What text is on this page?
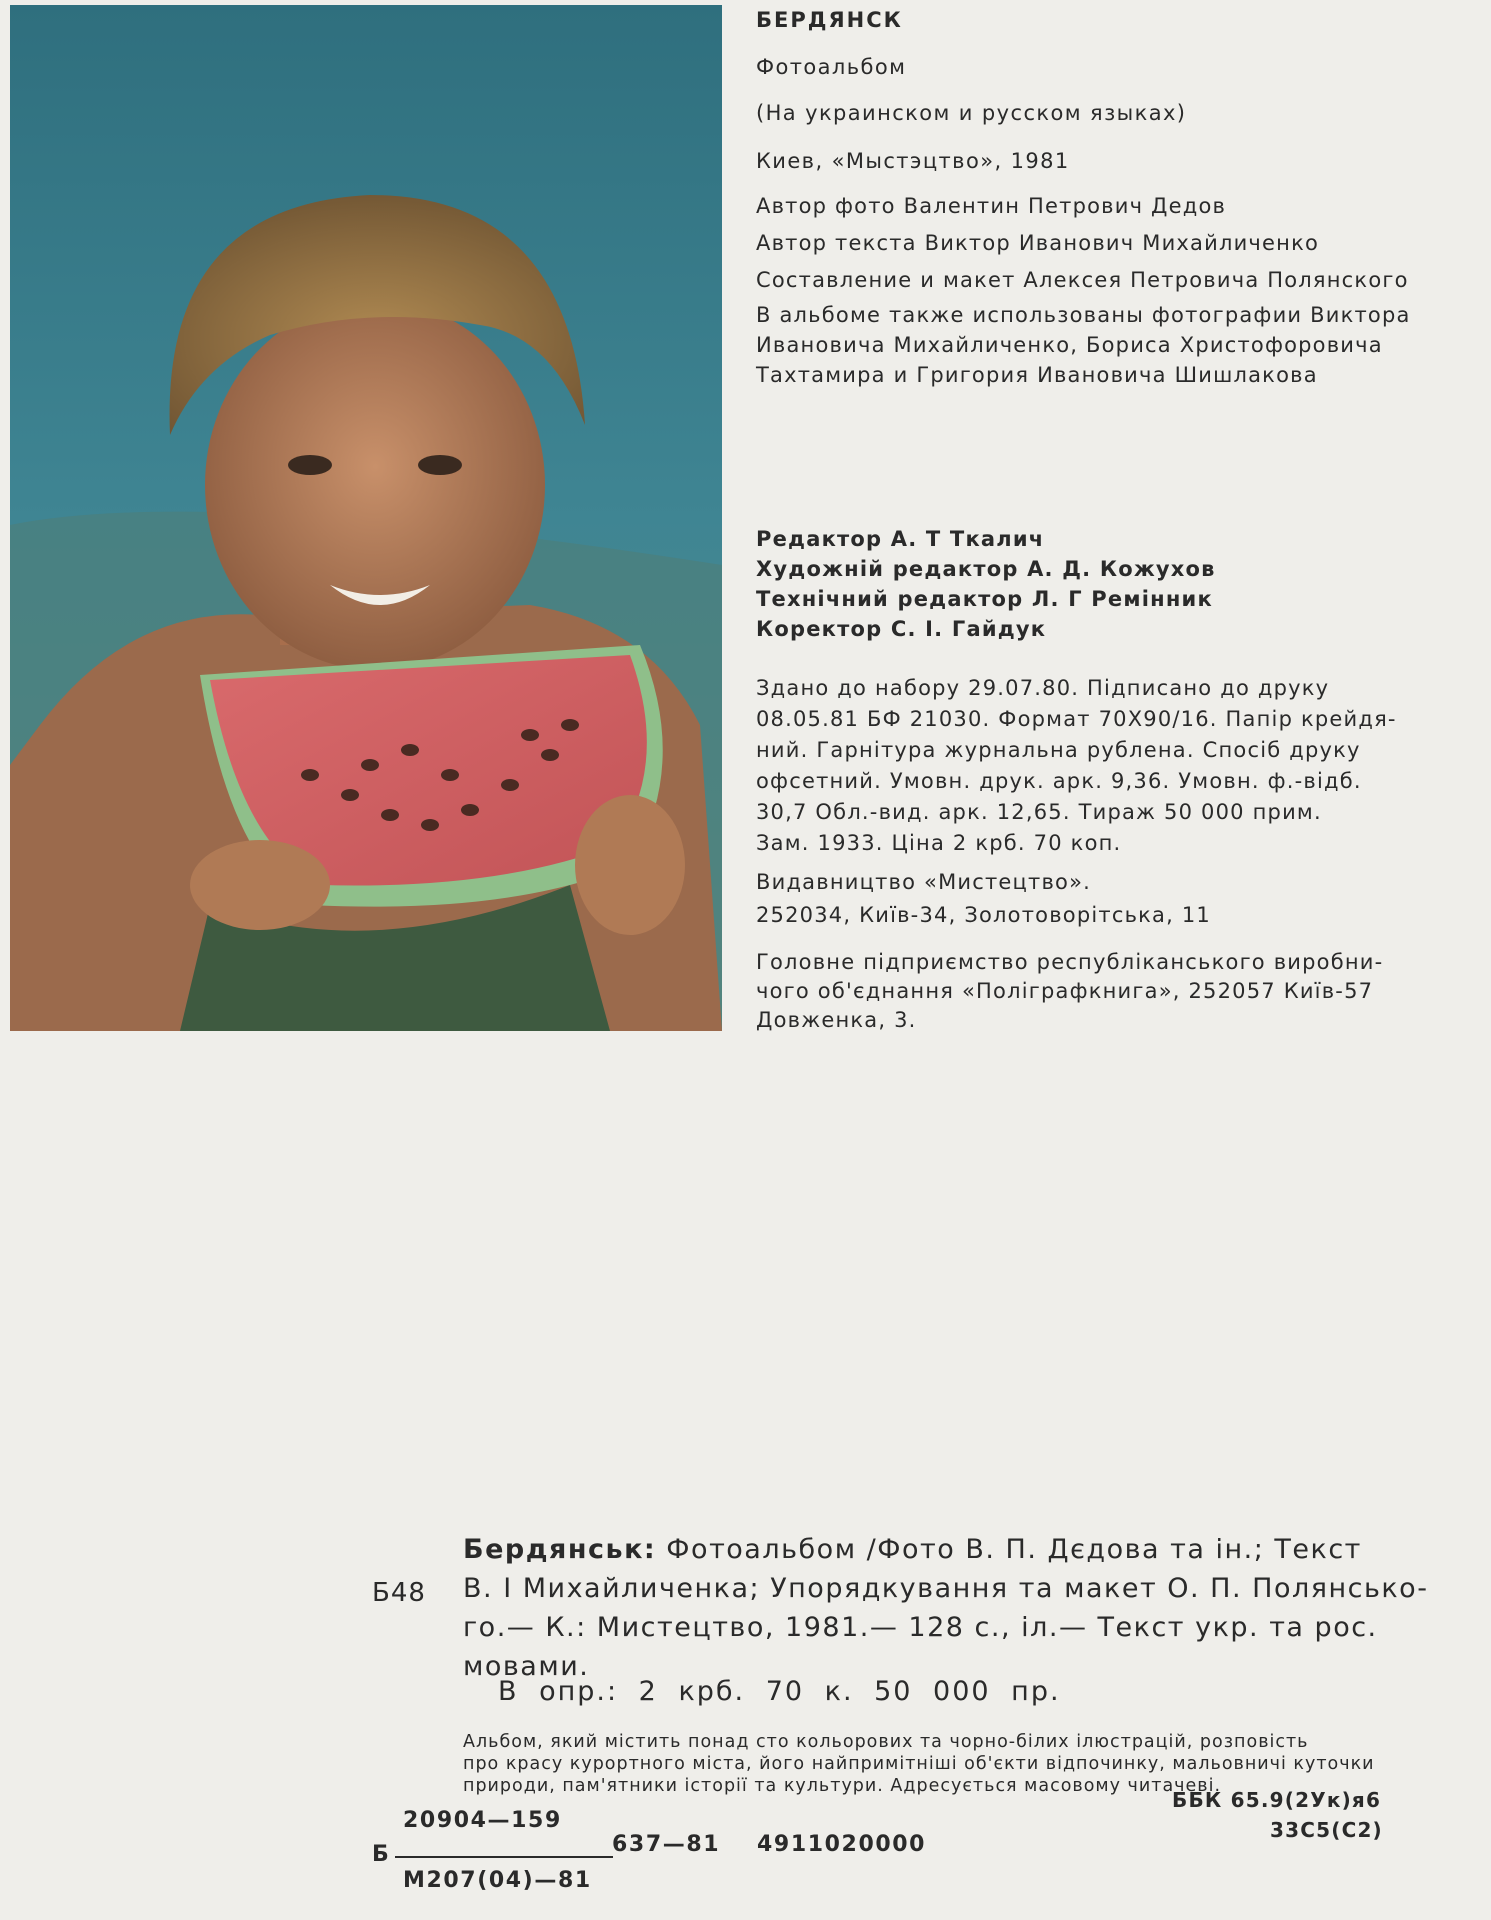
БЕРДЯНСК
Фотоальбом
(На украинском и русском языках)
Киев, «Мыстэцтво», 1981
Автор фото Валентин Петрович Дедов
Автор текста Виктор Иванович Михайличенко
Составление и макет Алексея Петровича Полянского
В альбоме также использованы фотографии Виктора
Ивановича Михайличенко, Бориса Христофоровича
Тахтамира и Григория Ивановича Шишлакова
Редактор А. Т Ткалич
Художній редактор А. Д. Кожухов
Технічний редактор Л. Г Ремінник
Коректор С. І. Гайдук
Здано до набору 29.07.80. Підписано до друку
08.05.81 БФ 21030. Формат 70Х90/16. Папір крейдя-
ний. Гарнітура журнальна рублена. Спосіб друку
офсетний. Умовн. друк. арк. 9,36. Умовн. ф.-відб.
30,7 Обл.-вид. арк. 12,65. Тираж 50 000 прим.
Зам. 1933. Ціна 2 крб. 70 коп.
Видавництво «Мистецтво».
252034, Київ-34, Золотоворітська, 11
Головне підприємство республіканського виробни-
чого об'єднання «Поліграфкнига», 252057 Київ-57
Довженка, 3.
Б48
Бердянськ: Фотоальбом /Фото В. П. Дєдова та ін.; Текст
В. І Михайличенка; Упорядкування та макет О. П. Полянсько-
го.— К.: Мистецтво, 1981.— 128 с., іл.— Текст укр. та рос.
мовами.
В опр.: 2 крб. 70 к. 50 000 пр.
Альбом, який містить понад сто кольорових та чорно-білих ілюстрацій, розповість
про красу курортного міста, його найпримітніші об'єкти відпочинку, мальовничі куточки
природи, пам'ятники історії та культури. Адресується масовому читачеві.
ББК 65.9(2Ук)я6
33С5(С2)
20904—159
Б	637—81 4911020000
М207(04)—81
